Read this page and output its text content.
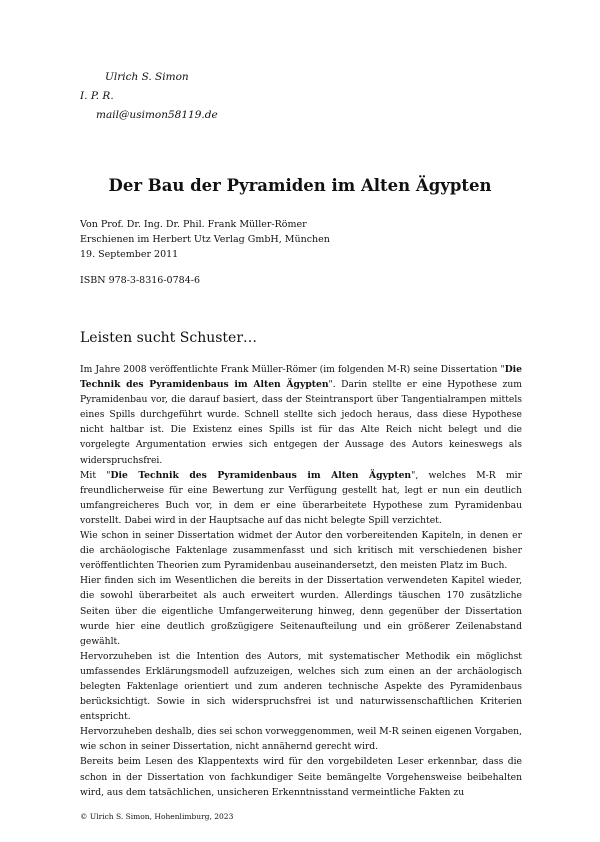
Ulrich S. Simon
I. P. R.
mail@usimon58119.de
Der Bau der Pyramiden im Alten Ägypten
Von Prof. Dr. Ing. Dr. Phil. Frank Müller-Römer
Erschienen im Herbert Utz Verlag GmbH, München
19. September 2011
ISBN 978-3-8316-0784-6
Leisten sucht Schuster…

Im Jahre 2008 veröffentlichte Frank Müller-Römer (im folgenden M-R) seine Dissertation "Die Technik des Pyramidenbaus im Alten Ägypten". Darin stellte er eine Hypothese zum Pyramidenbau vor, die darauf basiert, dass der Steintransport über Tangentialrampen mittels eines Spills durchgeführt wurde. Schnell stellte sich jedoch heraus, dass diese Hypothese nicht haltbar ist. Die Existenz eines Spills ist für das Alte Reich nicht belegt und die vorgelegte Argumentation erwies sich entgegen der Aussage des Autors keineswegs als widerspruchsfrei.

Mit "Die Technik des Pyramidenbaus im Alten Ägypten", welches M-R mir freundlicherweise für eine Bewertung zur Verfügung gestellt hat, legt er nun ein deutlich umfangreicheres Buch vor, in dem er eine überarbeitete Hypothese zum Pyramidenbau vorstellt. Dabei wird in der Hauptsache auf das nicht belegte Spill verzichtet.

Wie schon in seiner Dissertation widmet der Autor den vorbereitenden Kapiteln, in denen er die archäologische Faktenlage zusammenfasst und sich kritisch mit verschiedenen bisher veröffentlichten Theorien zum Pyramidenbau auseinandersetzt, den meisten Platz im Buch.

Hier finden sich im Wesentlichen die bereits in der Dissertation verwendeten Kapitel wieder, die sowohl überarbeitet als auch erweitert wurden. Allerdings täuschen 170 zusätzliche Seiten über die eigentliche Umfangerweiterung hinweg, denn gegenüber der Dissertation wurde hier eine deutlich großzügigere Seitenaufteilung und ein größerer Zeilenabstand gewählt.

Hervorzuheben ist die Intention des Autors, mit systematischer Methodik ein möglichst umfassendes Erklärungsmodell aufzuzeigen, welches sich zum einen an der archäologisch belegten Faktenlage orientiert und zum anderen technische Aspekte des Pyramidenbaus berücksichtigt. Sowie in sich widerspruchsfrei ist und naturwissenschaftlichen Kriterien entspricht.

Hervorzuheben deshalb, dies sei schon vorweggenommen, weil M-R seinen eigenen Vorgaben, wie schon in seiner Dissertation, nicht annähernd gerecht wird.

Bereits beim Lesen des Klappentexts wird für den vorgebildeten Leser erkennbar, dass die schon in der Dissertation von fachkundiger Seite bemängelte Vorgehensweise beibehalten wird, aus dem tatsächlichen, unsicheren Erkenntnisstand vermeintliche Fakten zu

© Ulrich S. Simon, Hohenlimburg, 2023
